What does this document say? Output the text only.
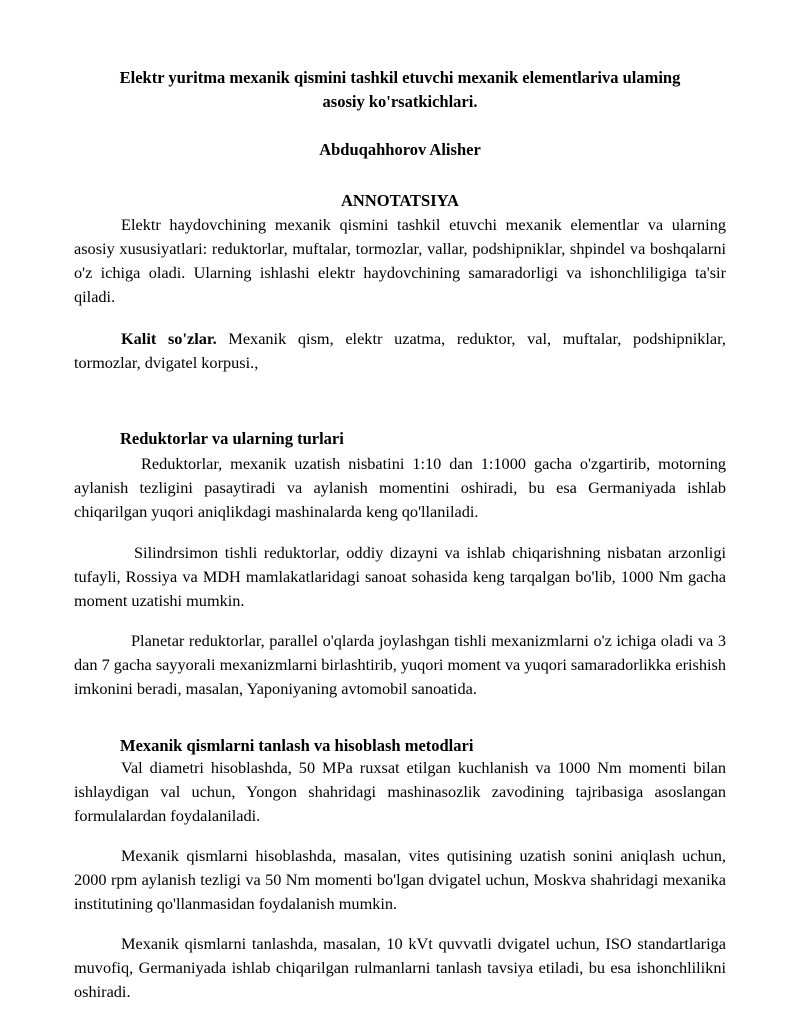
Elektr yuritma mexanik qismini tashkil etuvchi mexanik elementlariva ulaming
asosiy ko'rsatkichlari.

Abduqahhorov Alisher

ANNOTATSIYA

Elektr haydovchining mexanik qismini tashkil etuvchi mexanik elementlar va ularning asosiy xususiyatlari: reduktorlar, muftalar, tormozlar, vallar, podshipniklar, shpindel va boshqalarni o'z ichiga oladi. Ularning ishlashi elektr haydovchining samaradorligi va ishonchliligiga ta'sir qiladi.

Kalit so'zlar. Mexanik qism, elektr uzatma, reduktor, val, muftalar, podshipniklar, tormozlar, dvigatel korpusi.,

Reduktorlar va ularning turlari

Reduktorlar, mexanik uzatish nisbatini 1:10 dan 1:1000 gacha o'zgartirib, motorning aylanish tezligini pasaytiradi va aylanish momentini oshiradi, bu esa Germaniyada ishlab chiqarilgan yuqori aniqlikdagi mashinalarda keng qo'llaniladi.

Silindrsimon tishli reduktorlar, oddiy dizayni va ishlab chiqarishning nisbatan arzonligi tufayli, Rossiya va MDH mamlakatlaridagi sanoat sohasida keng tarqalgan bo'lib, 1000 Nm gacha moment uzatishi mumkin.

Planetar reduktorlar, parallel o'qlarda joylashgan tishli mexanizmlarni o'z ichiga oladi va 3 dan 7 gacha sayyorali mexanizmlarni birlashtirib, yuqori moment va yuqori samaradorlikka erishish imkonini beradi, masalan, Yaponiyaning avtomobil sanoatida.

Mexanik qismlarni tanlash va hisoblash metodlari

Val diametri hisoblashda, 50 MPa ruxsat etilgan kuchlanish va 1000 Nm momenti bilan ishlaydigan val uchun, Yongon shahridagi mashinasozlik zavodining tajribasiga asoslangan formulalardan foydalaniladi.

Mexanik qismlarni hisoblashda, masalan, vites qutisining uzatish sonini aniqlash uchun, 2000 rpm aylanish tezligi va 50 Nm momenti bo'lgan dvigatel uchun, Moskva shahridagi mexanika institutining qo'llanmasidan foydalanish mumkin.

Mexanik qismlarni tanlashda, masalan, 10 kVt quvvatli dvigatel uchun, ISO standartlariga muvofiq, Germaniyada ishlab chiqarilgan rulmanlarni tanlash tavsiya etiladi, bu esa ishonchlilikni oshiradi.
